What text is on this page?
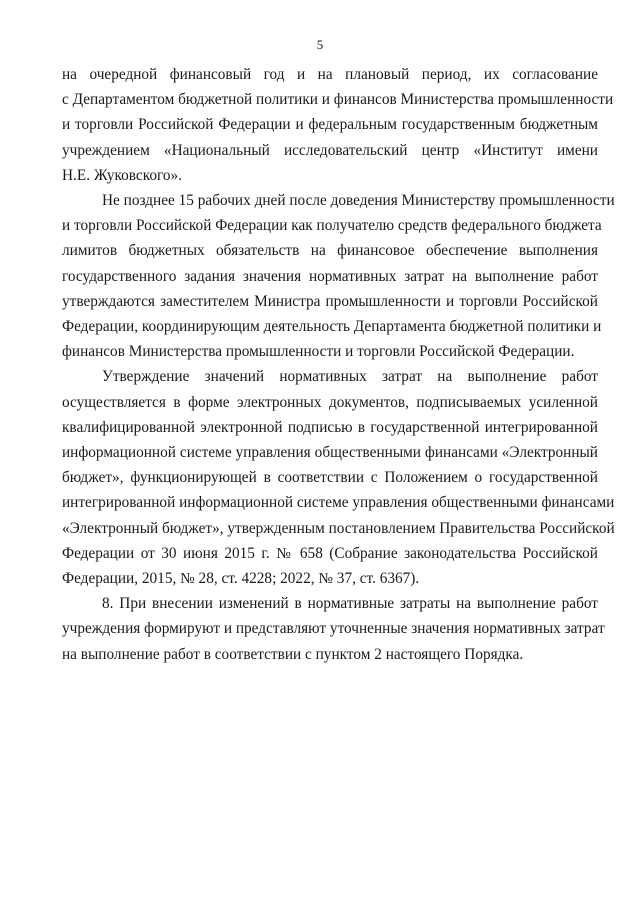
5

на очередной финансовый год и на плановый период, их согласование
с Департаментом бюджетной политики и финансов Министерства промышленности
и торговли Российской Федерации и федеральным государственным бюджетным
учреждением «Национальный исследовательский центр «Институт имени
Н.Е. Жуковского».

Не позднее 15 рабочих дней после доведения Министерству промышленности
и торговли Российской Федерации как получателю средств федерального бюджета
лимитов бюджетных обязательств на финансовое обеспечение выполнения
государственного задания значения нормативных затрат на выполнение работ
утверждаются заместителем Министра промышленности и торговли Российской
Федерации, координирующим деятельность Департамента бюджетной политики и
финансов Министерства промышленности и торговли Российской Федерации.

Утверждение значений нормативных затрат на выполнение работ
осуществляется в форме электронных документов, подписываемых усиленной
квалифицированной электронной подписью в государственной интегрированной
информационной системе управления общественными финансами «Электронный
бюджет», функционирующей в соответствии с Положением о государственной
интегрированной информационной системе управления общественными финансами
«Электронный бюджет», утвержденным постановлением Правительства Российской
Федерации от 30 июня 2015 г. № 658 (Собрание законодательства Российской
Федерации, 2015, № 28, ст. 4228; 2022, № 37, ст. 6367).

8. При внесении изменений в нормативные затраты на выполнение работ
учреждения формируют и представляют уточненные значения нормативных затрат
на выполнение работ в соответствии с пунктом 2 настоящего Порядка.
